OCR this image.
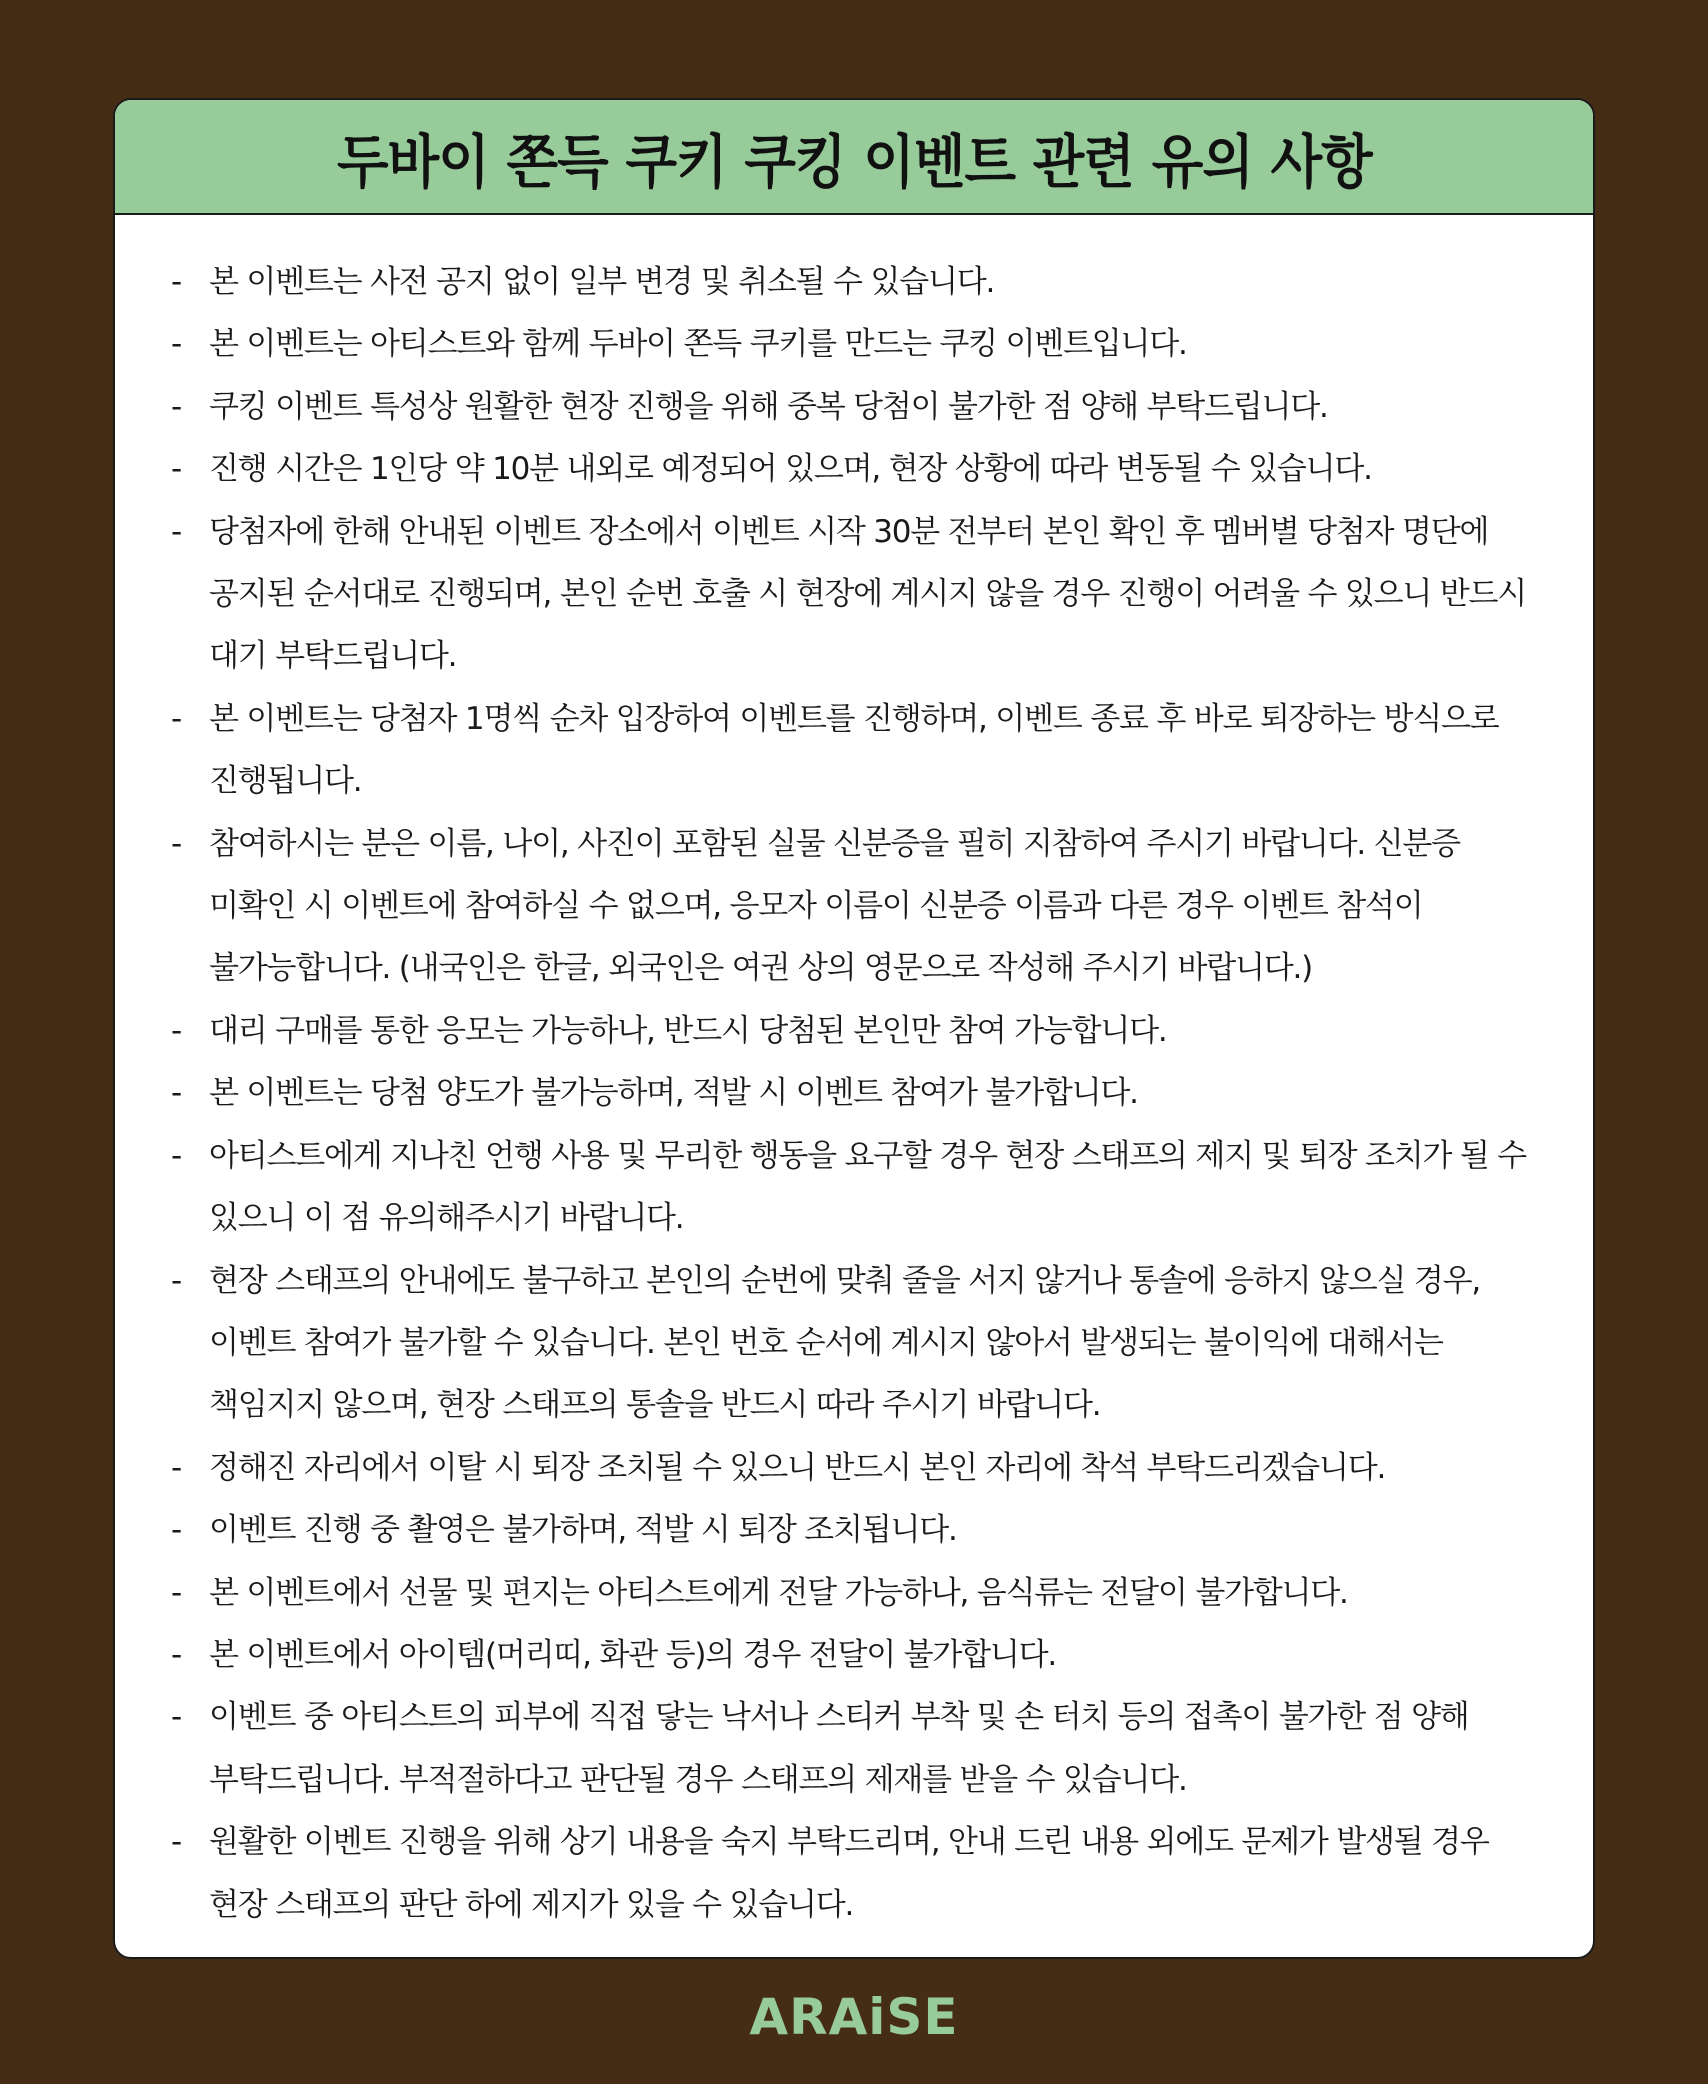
두바이 쫀득 쿠키 쿠킹 이벤트 관련 유의 사항
- 본 이벤트는 사전 공지 없이 일부 변경 및 취소될 수 있습니다.
- 본 이벤트는 아티스트와 함께 두바이 쫀득 쿠키를 만드는 쿠킹 이벤트입니다.
- 쿠킹 이벤트 특성상 원활한 현장 진행을 위해 중복 당첨이 불가한 점 양해 부탁드립니다.
- 진행 시간은 1인당 약 10분 내외로 예정되어 있으며, 현장 상황에 따라 변동될 수 있습니다.
- 당첨자에 한해 안내된 이벤트 장소에서 이벤트 시작 30분 전부터 본인 확인 후 멤버별 당첨자 명단에 공지된 순서대로 진행되며, 본인 순번 호출 시 현장에 계시지 않을 경우 진행이 어려울 수 있으니 반드시 대기 부탁드립니다.
- 본 이벤트는 당첨자 1명씩 순차 입장하여 이벤트를 진행하며, 이벤트 종료 후 바로 퇴장하는 방식으로 진행됩니다.
- 참여하시는 분은 이름, 나이, 사진이 포함된 실물 신분증을 필히 지참하여 주시기 바랍니다. 신분증 미확인 시 이벤트에 참여하실 수 없으며, 응모자 이름이 신분증 이름과 다른 경우 이벤트 참석이 불가능합니다. (내국인은 한글, 외국인은 여권 상의 영문으로 작성해 주시기 바랍니다.)
- 대리 구매를 통한 응모는 가능하나, 반드시 당첨된 본인만 참여 가능합니다.
- 본 이벤트는 당첨 양도가 불가능하며, 적발 시 이벤트 참여가 불가합니다.
- 아티스트에게 지나친 언행 사용 및 무리한 행동을 요구할 경우 현장 스태프의 제지 및 퇴장 조치가 될 수 있으니 이 점 유의해주시기 바랍니다.
- 현장 스태프의 안내에도 불구하고 본인의 순번에 맞춰 줄을 서지 않거나 통솔에 응하지 않으실 경우, 이벤트 참여가 불가할 수 있습니다. 본인 번호 순서에 계시지 않아서 발생되는 불이익에 대해서는 책임지지 않으며, 현장 스태프의 통솔을 반드시 따라 주시기 바랍니다.
- 정해진 자리에서 이탈 시 퇴장 조치될 수 있으니 반드시 본인 자리에 착석 부탁드리겠습니다.
- 이벤트 진행 중 촬영은 불가하며, 적발 시 퇴장 조치됩니다.
- 본 이벤트에서 선물 및 편지는 아티스트에게 전달 가능하나, 음식류는 전달이 불가합니다.
- 본 이벤트에서 아이템(머리띠, 화관 등)의 경우 전달이 불가합니다.
- 이벤트 중 아티스트의 피부에 직접 닿는 낙서나 스티커 부착 및 손 터치 등의 접촉이 불가한 점 양해 부탁드립니다. 부적절하다고 판단될 경우 스태프의 제재를 받을 수 있습니다.
- 원활한 이벤트 진행을 위해 상기 내용을 숙지 부탁드리며, 안내 드린 내용 외에도 문제가 발생될 경우 현장 스태프의 판단 하에 제지가 있을 수 있습니다.
ARAiSE
